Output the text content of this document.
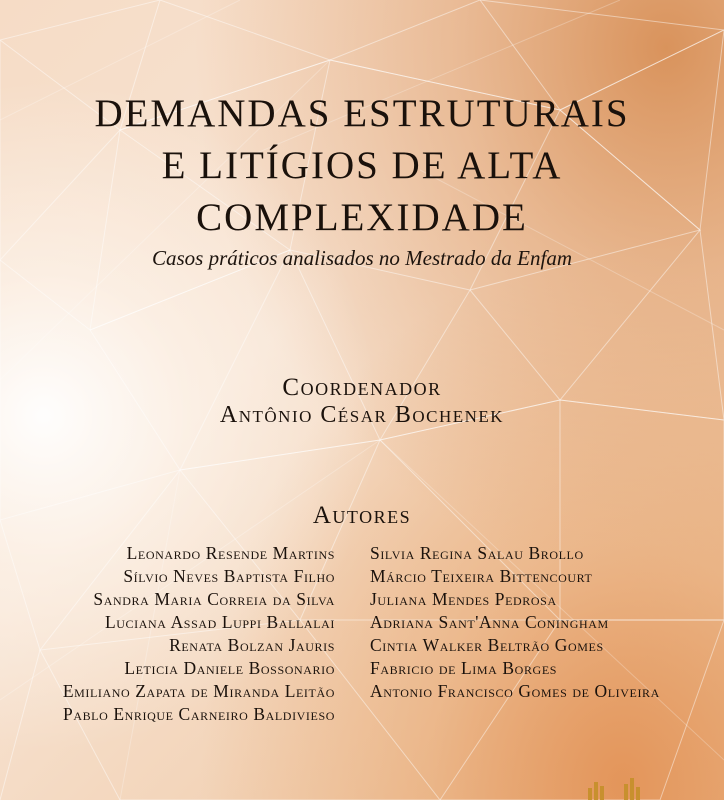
DEMANDAS ESTRUTURAIS
E LITÍGIOS DE ALTA
COMPLEXIDADE
Casos práticos analisados no Mestrado da Enfam
Coordenador
Antônio César Bochenek
Autores
Leonardo Resende Martins
Sílvio Neves Baptista Filho
Sandra Maria Correia da Silva
Luciana Assad Luppi Ballalai
Renata Bolzan Jauris
Leticia Daniele Bossonario
Emiliano Zapata de Miranda Leitão
Pablo Enrique Carneiro Baldivieso
Silvia Regina Salau Brollo
Márcio Teixeira Bittencourt
Juliana Mendes Pedrosa
Adriana Sant'Anna Coningham
Cintia Walker Beltrão Gomes
Fabricio de Lima Borges
Antonio Francisco Gomes de Oliveira
